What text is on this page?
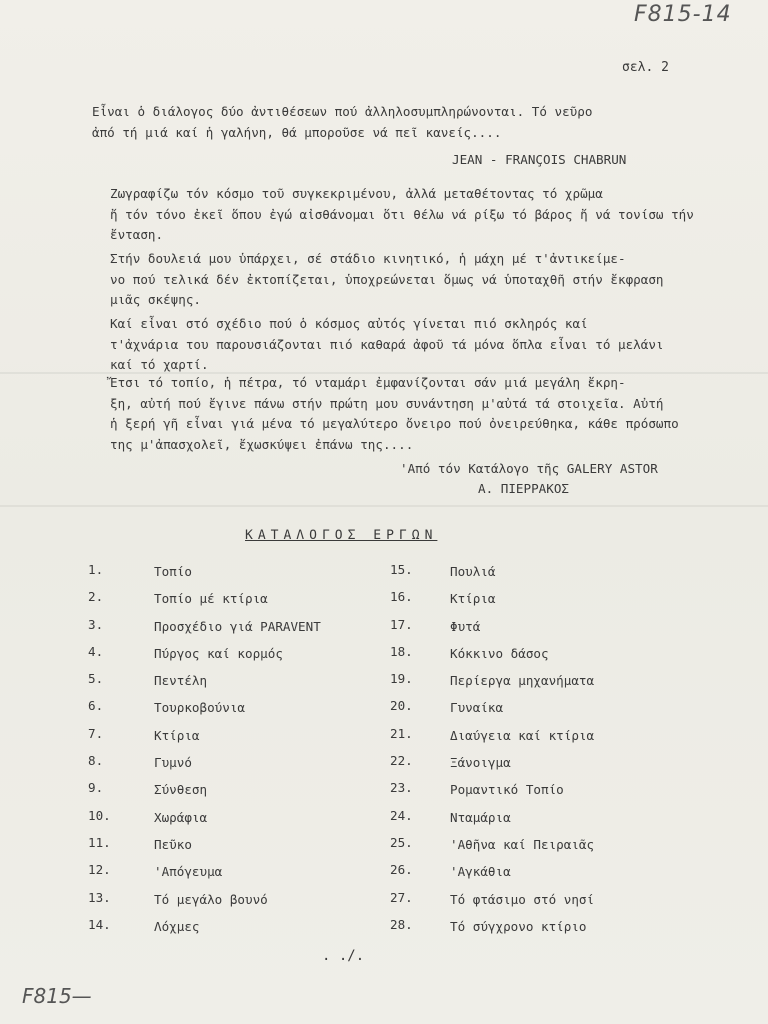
F815-14
σελ. 2
Εἶναι ὁ διάλογος δύο ἀντιθέσεων πού ἀλληλοσυμπληρώνονται. Τό νεῦρο
ἀπό τή μιά καί ἡ γαλήνη, θά μποροῦσε νά πεῖ κανείς....
JEAN - FRANÇOIS CHABRUN
Ζωγραφίζω τόν κόσμο τοῦ συγκεκριμένου, ἀλλά μεταθέτοντας τό χρῶμα
ἤ τόν τόνο ἐκεῖ ὅπου ἐγώ αἰσθάνομαι ὅτι θέλω νά ρίξω τό βάρος ἤ νά τονίσω τήν
ἔνταση.
Στήν δουλειά μου ὑπάρχει, σέ στάδιο κινητικό, ἡ μάχη μέ τ'ἀντικείμε-
νο πού τελικά δέν ἐκτοπίζεται, ὑποχρεώνεται ὅμως νά ὑποταχθῆ στήν ἔκφραση
μιᾶς σκέψης.
Καί εἶναι στό σχέδιο πού ὁ κόσμος αὐτός γίνεται πιό σκληρός καί
τ'ἀχνάρια του παρουσιάζονται πιό καθαρά ἀφοῦ τά μόνα ὅπλα εἶναι τό μελάνι
καί τό χαρτί.
Ἔτσι τό τοπίο, ἡ πέτρα, τό νταμάρι ἐμφανίζονται σάν μιά μεγάλη ἔκρη-
ξη, αὐτή πού ἔγινε πάνω στήν πρώτη μου συνάντηση μ'αὐτά τά στοιχεῖα. Αὐτή
ἡ ξερή γῆ εἶναι γιά μένα τό μεγαλύτερο ὄνειρο πού ὀνειρεύθηκα, κάθε πρόσωπο
της μ'ἀπασχολεῖ, ἔχωσκύψει ἐπάνω της....
'Από τόν Κατάλογο τῆς GALERY ASTOR
Α. ΠΙΕΡΡΑΚΟΣ
ΚΑΤΑΛΟΓΟΣ ΕΡΓΩΝ
1.	Τοπίο
2.	Τοπίο μέ κτίρια
3.	Προσχέδιο γιά PARAVENT
4.	Πύργος καί κορμός
5.	Πεντέλη
6.	Τουρκοβούνια
7.	Κτίρια
8.	Γυμνό
9.	Σύνθεση
10.	Χωράφια
11.	Πεῦκο
12.	'Απόγευμα
13.	Τό μεγάλο βουνό
14.	Λόχμες
15.	Πουλιά
16.	Κτίρια
17.	Φυτά
18.	Κόκκινο δάσος
19.	Περίεργα μηχανήματα
20.	Γυναίκα
21.	Διαύγεια καί κτίρια
22.	Ξάνοιγμα
23.	Ρομαντικό Τοπίο
24.	Νταμάρια
25.	'Αθῆνα καί Πειραιᾶς
26.	'Αγκάθια
27.	Τό φτάσιμο στό νησί
28.	Τό σύγχρονο κτίριο
. ./.
F815—
